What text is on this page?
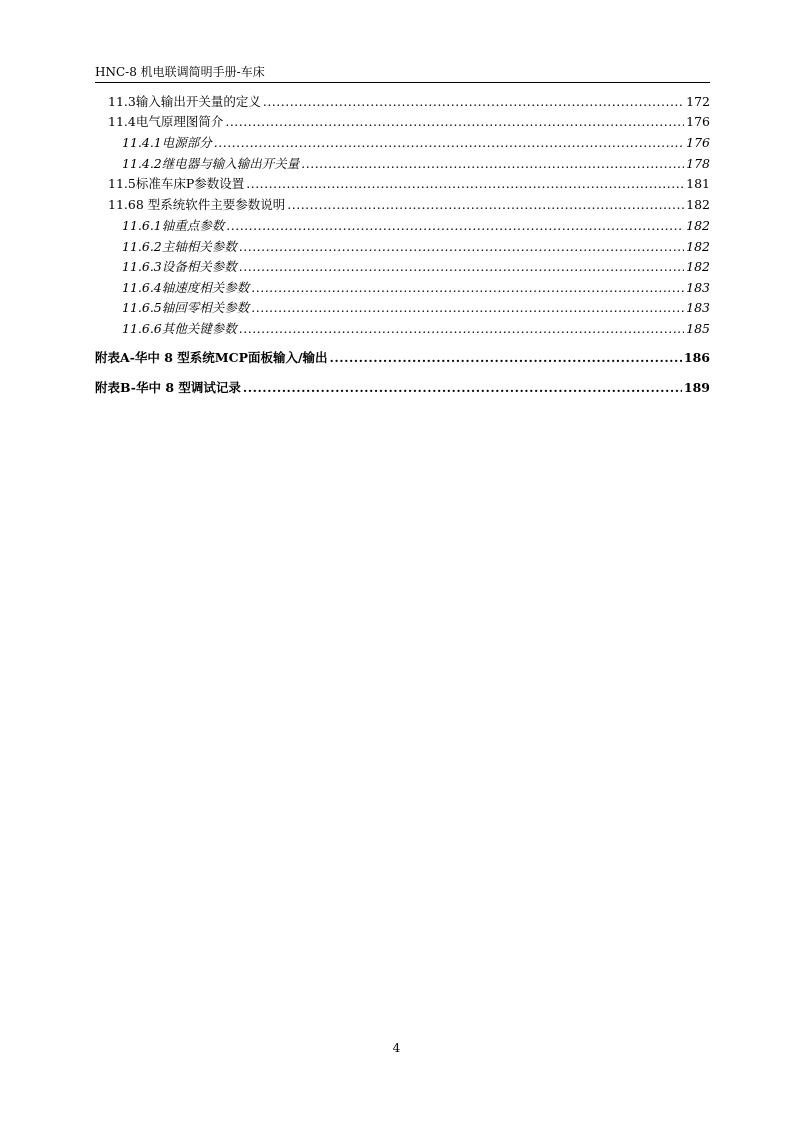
HNC-8 机电联调简明手册-车床
11.3 输入输出开关量的定义 .....	172
11.4 电气原理图简介 .....	176
11.4.1 电源部分 .....	176
11.4.2 继电器与输入输出开关量 .....	178
11.5 标准车床P参数设置 .....	181
11.6 8 型系统软件主要参数说明 .....	182
11.6.1 轴重点参数 .....	182
11.6.2 主轴相关参数 .....	182
11.6.3 设备相关参数 .....	182
11.6.4 轴速度相关参数 .....	183
11.6.5 轴回零相关参数 .....	183
11.6.6 其他关键参数 .....	185
附表A-华中 8 型系统MCP面板输入/输出 .....	186
附表B-华中 8 型调试记录 .....	189
4
